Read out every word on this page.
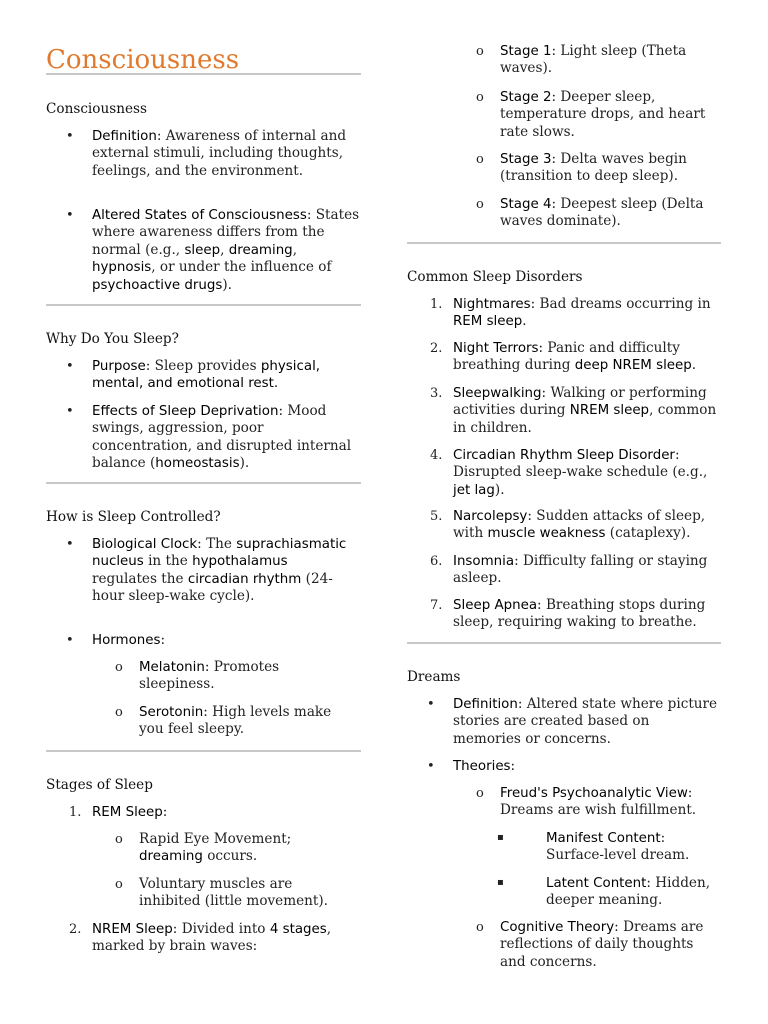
Consciousness
Consciousness
• Definition: Awareness of internal and external stimuli, including thoughts, feelings, and the environment.
• Altered States of Consciousness: States where awareness differs from the normal (e.g., sleep, dreaming, hypnosis, or under the influence of psychoactive drugs).
Why Do You Sleep?
• Purpose: Sleep provides physical, mental, and emotional rest.
• Effects of Sleep Deprivation: Mood swings, aggression, poor concentration, and disrupted internal balance (homeostasis).
How is Sleep Controlled?
• Biological Clock: The suprachiasmatic nucleus in the hypothalamus regulates the circadian rhythm (24-hour sleep-wake cycle).
• Hormones:
o Melatonin: Promotes sleepiness.
o Serotonin: High levels make you feel sleepy.
Stages of Sleep
1. REM Sleep:
o Rapid Eye Movement;
dreaming occurs.
o Voluntary muscles are inhibited (little movement).
2. NREM Sleep: Divided into 4 stages, marked by brain waves:
o Stage 1: Light sleep (Theta waves).
o Stage 2: Deeper sleep, temperature drops, and heart rate slows.
o Stage 3: Delta waves begin (transition to deep sleep).
o Stage 4: Deepest sleep (Delta waves dominate).
Common Sleep Disorders
1. Nightmares: Bad dreams occurring in REM sleep.
2. Night Terrors: Panic and difficulty breathing during deep NREM sleep.
3. Sleepwalking: Walking or performing activities during NREM sleep, common in children.
4. Circadian Rhythm Sleep Disorder: Disrupted sleep-wake schedule (e.g., jet lag).
5. Narcolepsy: Sudden attacks of sleep, with muscle weakness (cataplexy).
6. Insomnia: Difficulty falling or staying asleep.
7. Sleep Apnea: Breathing stops during sleep, requiring waking to breathe.
Dreams
• Definition: Altered state where picture stories are created based on memories or concerns.
• Theories:
o Freud's Psychoanalytic View: Dreams are wish fulfillment.
▪	Manifest Content: Surface-level dream.
▪	Latent Content: Hidden, deeper meaning.
o Cognitive Theory: Dreams are reflections of daily thoughts and concerns.
